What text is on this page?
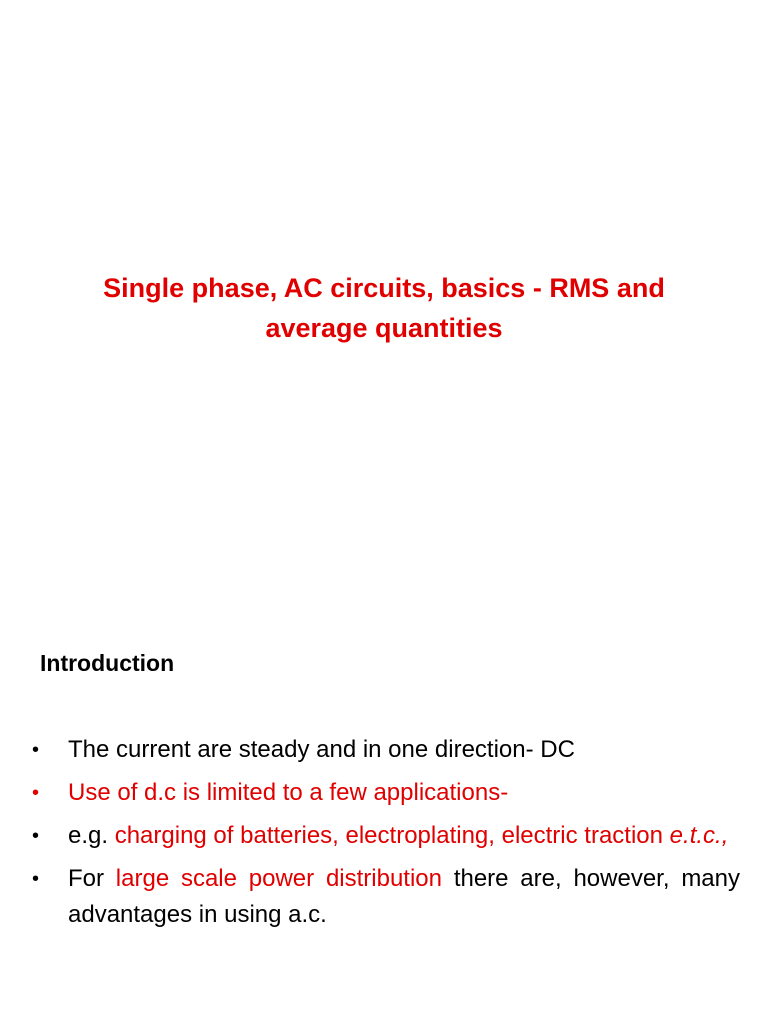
Single phase, AC circuits, basics - RMS and
average quantities
Introduction
• The current are steady and in one direction- DC
• Use of d.c is limited to a few applications-
• e.g. charging of batteries, electroplating, electric traction e.t.c.,
• For large scale power distribution there are, however, many advantages in using a.c.
